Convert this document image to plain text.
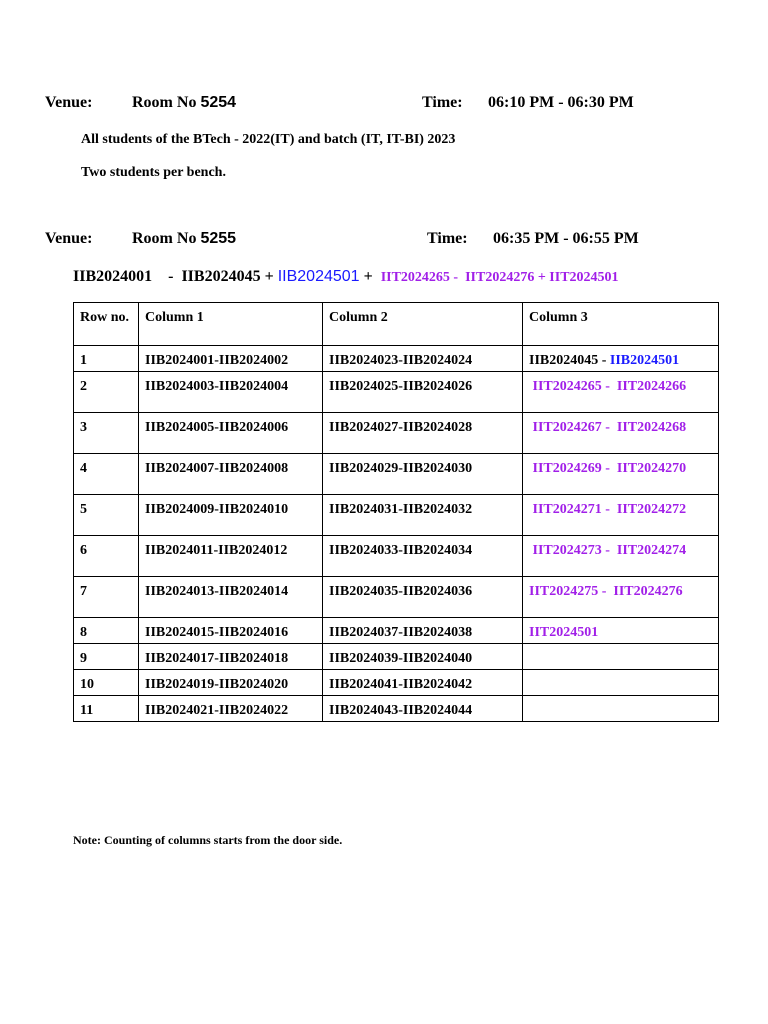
Venue: Room No 5254	Time: 06:10 PM - 06:30 PM
All students of the BTech - 2022(IT) and batch (IT, IT-BI) 2023
Two students per bench.
Venue: Room No 5255	Time: 06:35 PM - 06:55 PM
IIB2024001    -  IIB2024045 + IIB2024501 +  IIT2024265 -  IIT2024276 + IIT2024501
Row no.	Column 1	Column 2	Column 3
1	IIB2024001-IIB2024002	IIB2024023-IIB2024024	IIB2024045 - IIB2024501
2	IIB2024003-IIB2024004	IIB2024025-IIB2024026	IIT2024265 -  IIT2024266
3	IIB2024005-IIB2024006	IIB2024027-IIB2024028	IIT2024267 -  IIT2024268
4	IIB2024007-IIB2024008	IIB2024029-IIB2024030	IIT2024269 -  IIT2024270
5	IIB2024009-IIB2024010	IIB2024031-IIB2024032	IIT2024271 -  IIT2024272
6	IIB2024011-IIB2024012	IIB2024033-IIB2024034	IIT2024273 -  IIT2024274
7	IIB2024013-IIB2024014	IIB2024035-IIB2024036	IIT2024275 -  IIT2024276
8	IIB2024015-IIB2024016	IIB2024037-IIB2024038	IIT2024501
9	IIB2024017-IIB2024018	IIB2024039-IIB2024040	
10	IIB2024019-IIB2024020	IIB2024041-IIB2024042	
11	IIB2024021-IIB2024022	IIB2024043-IIB2024044	
Note: Counting of columns starts from the door side.
